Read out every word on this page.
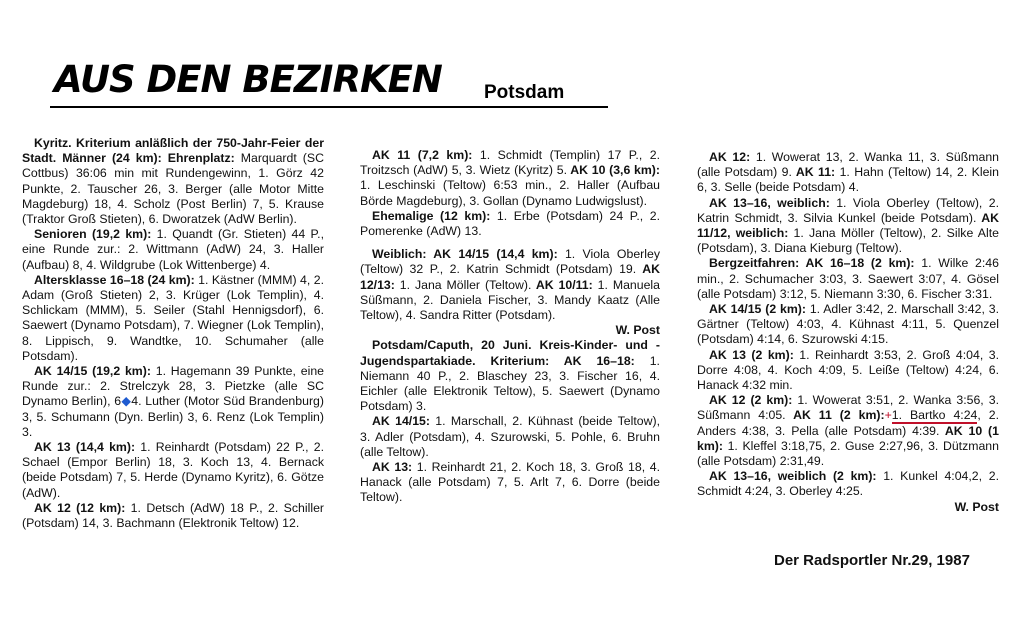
AUS DEN BEZIRKEN Potsdam

Kyritz. Kriterium anläßlich der 750-Jahr-Feier der Stadt. Männer (24 km): Ehrenplatz: Marquardt (SC Cottbus) 36:06 min mit Rundengewinn, 1. Görz 42 Punkte, 2. Tauscher 26, 3. Berger (alle Motor Mitte Magdeburg) 18, 4. Scholz (Post Berlin) 7, 5. Krause (Traktor Groß Stieten), 6. Dworatzek (AdW Berlin).

Senioren (19,2 km): 1. Quandt (Gr. Stieten) 44 P., eine Runde zur.: 2. Wittmann (AdW) 24, 3. Haller (Aufbau) 8, 4. Wildgrube (Lok Wittenberge) 4.

Altersklasse 16–18 (24 km): 1. Kästner (MMM) 4, 2. Adam (Groß Stieten) 2, 3. Krüger (Lok Templin), 4. Schlickam (MMM), 5. Seiler (Stahl Hennigsdorf), 6. Saewert (Dynamo Potsdam), 7. Wiegner (Lok Templin), 8. Lippisch, 9. Wandtke, 10. Schumaher (alle Potsdam).

AK 14/15 (19,2 km): 1. Hagemann 39 Punkte, eine Runde zur.: 2. Strelczyk 28, 3. Pietzke (alle SC Dynamo Berlin), 6◆4. Luther (Motor Süd Brandenburg) 3, 5. Schumann (Dyn. Berlin) 3, 6. Renz (Lok Templin) 3.

AK 13 (14,4 km): 1. Reinhardt (Potsdam) 22 P., 2. Schael (Empor Berlin) 18, 3. Koch 13, 4. Bernack (beide Potsdam) 7, 5. Herde (Dynamo Kyritz), 6. Götze (AdW).

AK 12 (12 km): 1. Detsch (AdW) 18 P., 2. Schiller (Potsdam) 14, 3. Bachmann (Elektronik Teltow) 12.

AK 11 (7,2 km): 1. Schmidt (Templin) 17 P., 2. Troitzsch (AdW) 5, 3. Wietz (Kyritz) 5. AK 10 (3,6 km): 1. Leschinski (Teltow) 6:53 min., 2. Haller (Aufbau Börde Magdeburg), 3. Gollan (Dynamo Ludwigslust).

Ehemalige (12 km): 1. Erbe (Potsdam) 24 P., 2. Pomerenke (AdW) 13.

Weiblich: AK 14/15 (14,4 km): 1. Viola Oberley (Teltow) 32 P., 2. Katrin Schmidt (Potsdam) 19. AK 12/13: 1. Jana Möller (Teltow). AK 10/11: 1. Manuela Süßmann, 2. Daniela Fischer, 3. Mandy Kaatz (Alle Teltow), 4. Sandra Ritter (Potsdam).

W. Post

Potsdam/Caputh, 20 Juni. Kreis-Kinder- und -Jugendspartakiade. Kriterium: AK 16–18: 1. Niemann 40 P., 2. Blaschey 23, 3. Fischer 16, 4. Eichler (alle Elektronik Teltow), 5. Saewert (Dynamo Potsdam) 3.

AK 14/15: 1. Marschall, 2. Kühnast (beide Teltow), 3. Adler (Potsdam), 4. Szurowski, 5. Pohle, 6. Bruhn (alle Teltow).

AK 13: 1. Reinhardt 21, 2. Koch 18, 3. Groß 18, 4. Hanack (alle Potsdam) 7, 5. Arlt 7, 6. Dorre (beide Teltow).

AK 12: 1. Wowerat 13, 2. Wanka 11, 3. Süßmann (alle Potsdam) 9. AK 11: 1. Hahn (Teltow) 14, 2. Klein 6, 3. Selle (beide Potsdam) 4.

AK 13–16, weiblich: 1. Viola Oberley (Teltow), 2. Katrin Schmidt, 3. Silvia Kunkel (beide Potsdam). AK 11/12, weiblich: 1. Jana Möller (Teltow), 2. Silke Alte (Potsdam), 3. Diana Kieburg (Teltow).

Bergzeitfahren: AK 16–18 (2 km): 1. Wilke 2:46 min., 2. Schumacher 3:03, 3. Saewert 3:07, 4. Gösel (alle Potsdam) 3:12, 5. Niemann 3:30, 6. Fischer 3:31.

AK 14/15 (2 km): 1. Adler 3:42, 2. Marschall 3:42, 3. Gärtner (Teltow) 4:03, 4. Kühnast 4:11, 5. Quenzel (Potsdam) 4:14, 6. Szurowski 4:15.

AK 13 (2 km): 1. Reinhardt 3:53, 2. Groß 4:04, 3. Dorre 4:08, 4. Koch 4:09, 5. Leiße (Teltow) 4:24, 6. Hanack 4:32 min.

AK 12 (2 km): 1. Wowerat 3:51, 2. Wanka 3:56, 3. Süßmann 4:05. AK 11 (2 km):+1. Bartko 4:24, 2. Anders 4:38, 3. Pella (alle Potsdam) 4:39. AK 10 (1 km): 1. Kleffel 3:18,75, 2. Guse 2:27,96, 3. Dützmann (alle Potsdam) 2:31,49.

AK 13–16, weiblich (2 km): 1. Kunkel 4:04,2, 2. Schmidt 4:24, 3. Oberley 4:25.

W. Post

Der Radsportler Nr.29, 1987
